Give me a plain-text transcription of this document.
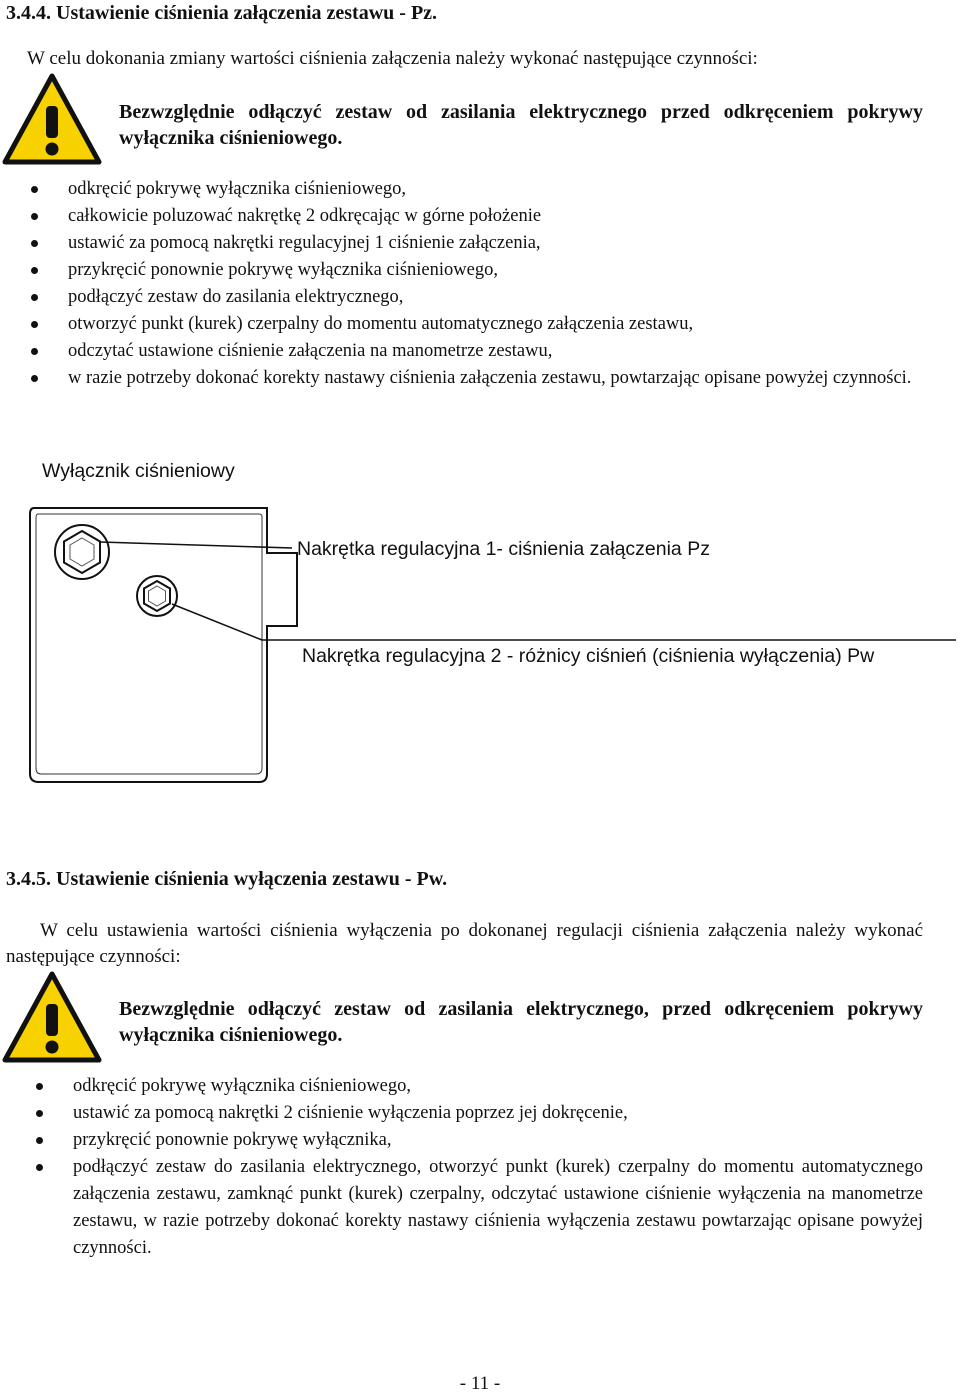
3.4.4. Ustawienie ciśnienia załączenia zestawu - Pz.
W celu dokonania zmiany wartości ciśnienia załączenia należy wykonać następujące czynności:
Bezwzględnie odłączyć zestaw od zasilania elektrycznego przed odkręceniem pokrywy wyłącznika ciśnieniowego.
odkręcić pokrywę wyłącznika ciśnieniowego,
całkowicie poluzować nakrętkę 2 odkręcając w górne położenie
ustawić za pomocą nakrętki regulacyjnej 1 ciśnienie załączenia,
przykręcić ponownie pokrywę wyłącznika ciśnieniowego,
podłączyć zestaw do zasilania elektrycznego,
otworzyć punkt (kurek) czerpalny do momentu automatycznego załączenia zestawu,
odczytać ustawione ciśnienie załączenia na manometrze zestawu,
w razie potrzeby dokonać korekty nastawy ciśnienia załączenia zestawu, powtarzając opisane powyżej czynności.
Wyłącznik ciśnieniowy
Nakrętka regulacyjna 1- ciśnienia załączenia Pz
Nakrętka regulacyjna 2 - różnicy ciśnień (ciśnienia wyłączenia) Pw
3.4.5. Ustawienie ciśnienia wyłączenia zestawu - Pw.
W celu ustawienia wartości ciśnienia wyłączenia po dokonanej regulacji ciśnienia załączenia należy wykonać następujące czynności:
Bezwzględnie odłączyć zestaw od zasilania elektrycznego, przed odkręceniem pokrywy wyłącznika ciśnieniowego.
odkręcić pokrywę wyłącznika ciśnieniowego,
ustawić za pomocą nakrętki 2 ciśnienie wyłączenia poprzez jej dokręcenie,
przykręcić ponownie pokrywę wyłącznika,
podłączyć zestaw do zasilania elektrycznego, otworzyć punkt (kurek) czerpalny do momentu automatycznego załączenia zestawu, zamknąć punkt (kurek) czerpalny, odczytać ustawione ciśnienie wyłączenia na manometrze zestawu, w razie potrzeby dokonać korekty nastawy ciśnienia wyłączenia zestawu powtarzając opisane powyżej czynności.
- 11 -
